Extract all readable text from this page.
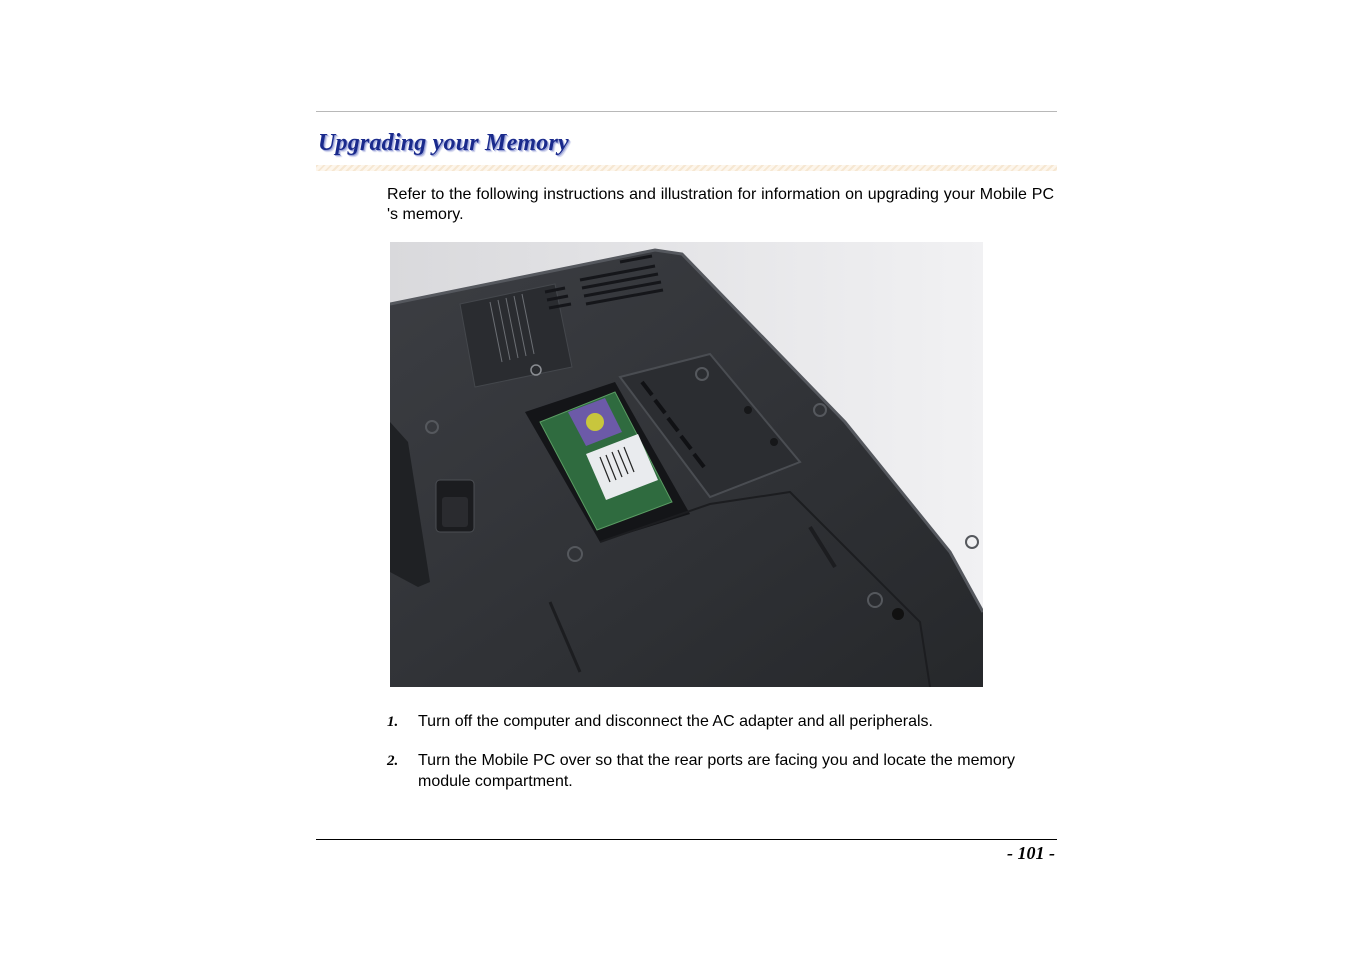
Upgrading your Memory

Refer to the following instructions and illustration for information on upgrading your Mobile PC 's memory.

1. Turn off the computer and disconnect the AC adapter and all peripherals.
2. Turn the Mobile PC over so that the rear ports are facing you and locate the memory module compartment.
- 101 -
